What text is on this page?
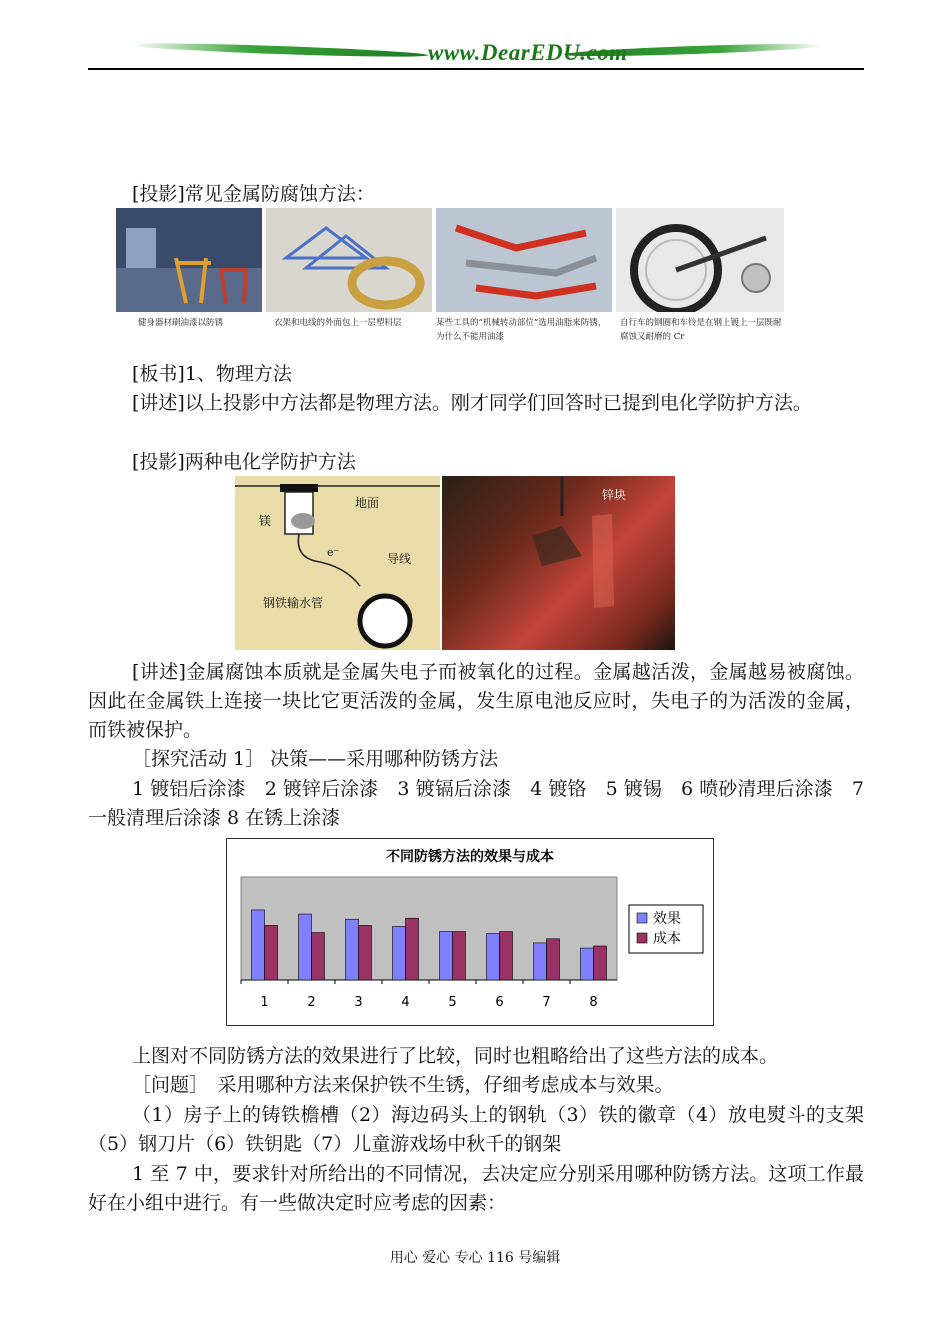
www.DearEDU.com
[投影]常见金属防腐蚀方法：
健身器材刷油漆以防锈	衣架和电线的外面包上一层塑料层	某些工具的“机械转动部位”选用油脂来防锈，为什么不能用油漆
自行车的钢圈和车铃是在钢上镀上一层既耐腐蚀又耐磨的 Cr
[板书]1、物理方法
[讲述]以上投影中方法都是物理方法。刚才同学们回答时已提到电化学防护方法。
[投影]两种电化学防护方法
地面
镁
e⁻	导线
钢铁输水管
锌块
[讲述]金属腐蚀本质就是金属失电子而被氧化的过程。金属越活泼，金属越易被腐蚀。因此在金属铁上连接一块比它更活泼的金属，发生原电池反应时，失电子的为活泼的金属，而铁被保护。
［探究活动 1］ 决策——采用哪种防锈方法
1 镀铝后涂漆　2 镀锌后涂漆　3 镀镉后涂漆　4 镀铬　5 镀锡　6 喷砂清理后涂漆　7 一般清理后涂漆 8 在锈上涂漆
不同防锈方法的效果与成本
1	2	3	4	5	6	7	8
效果
成本
上图对不同防锈方法的效果进行了比较，同时也粗略给出了这些方法的成本。
［问题］　采用哪种方法来保护铁不生锈，仔细考虑成本与效果。
（1）房子上的铸铁檐槽（2）海边码头上的钢轨（3）铁的徽章（4）放电熨斗的支架（5）钢刀片（6）铁钥匙（7）儿童游戏场中秋千的钢架
1 至 7 中，要求针对所给出的不同情况，去决定应分别采用哪种防锈方法。这项工作最好在小组中进行。有一些做决定时应考虑的因素：
用心 爱心 专心 116 号编辑
